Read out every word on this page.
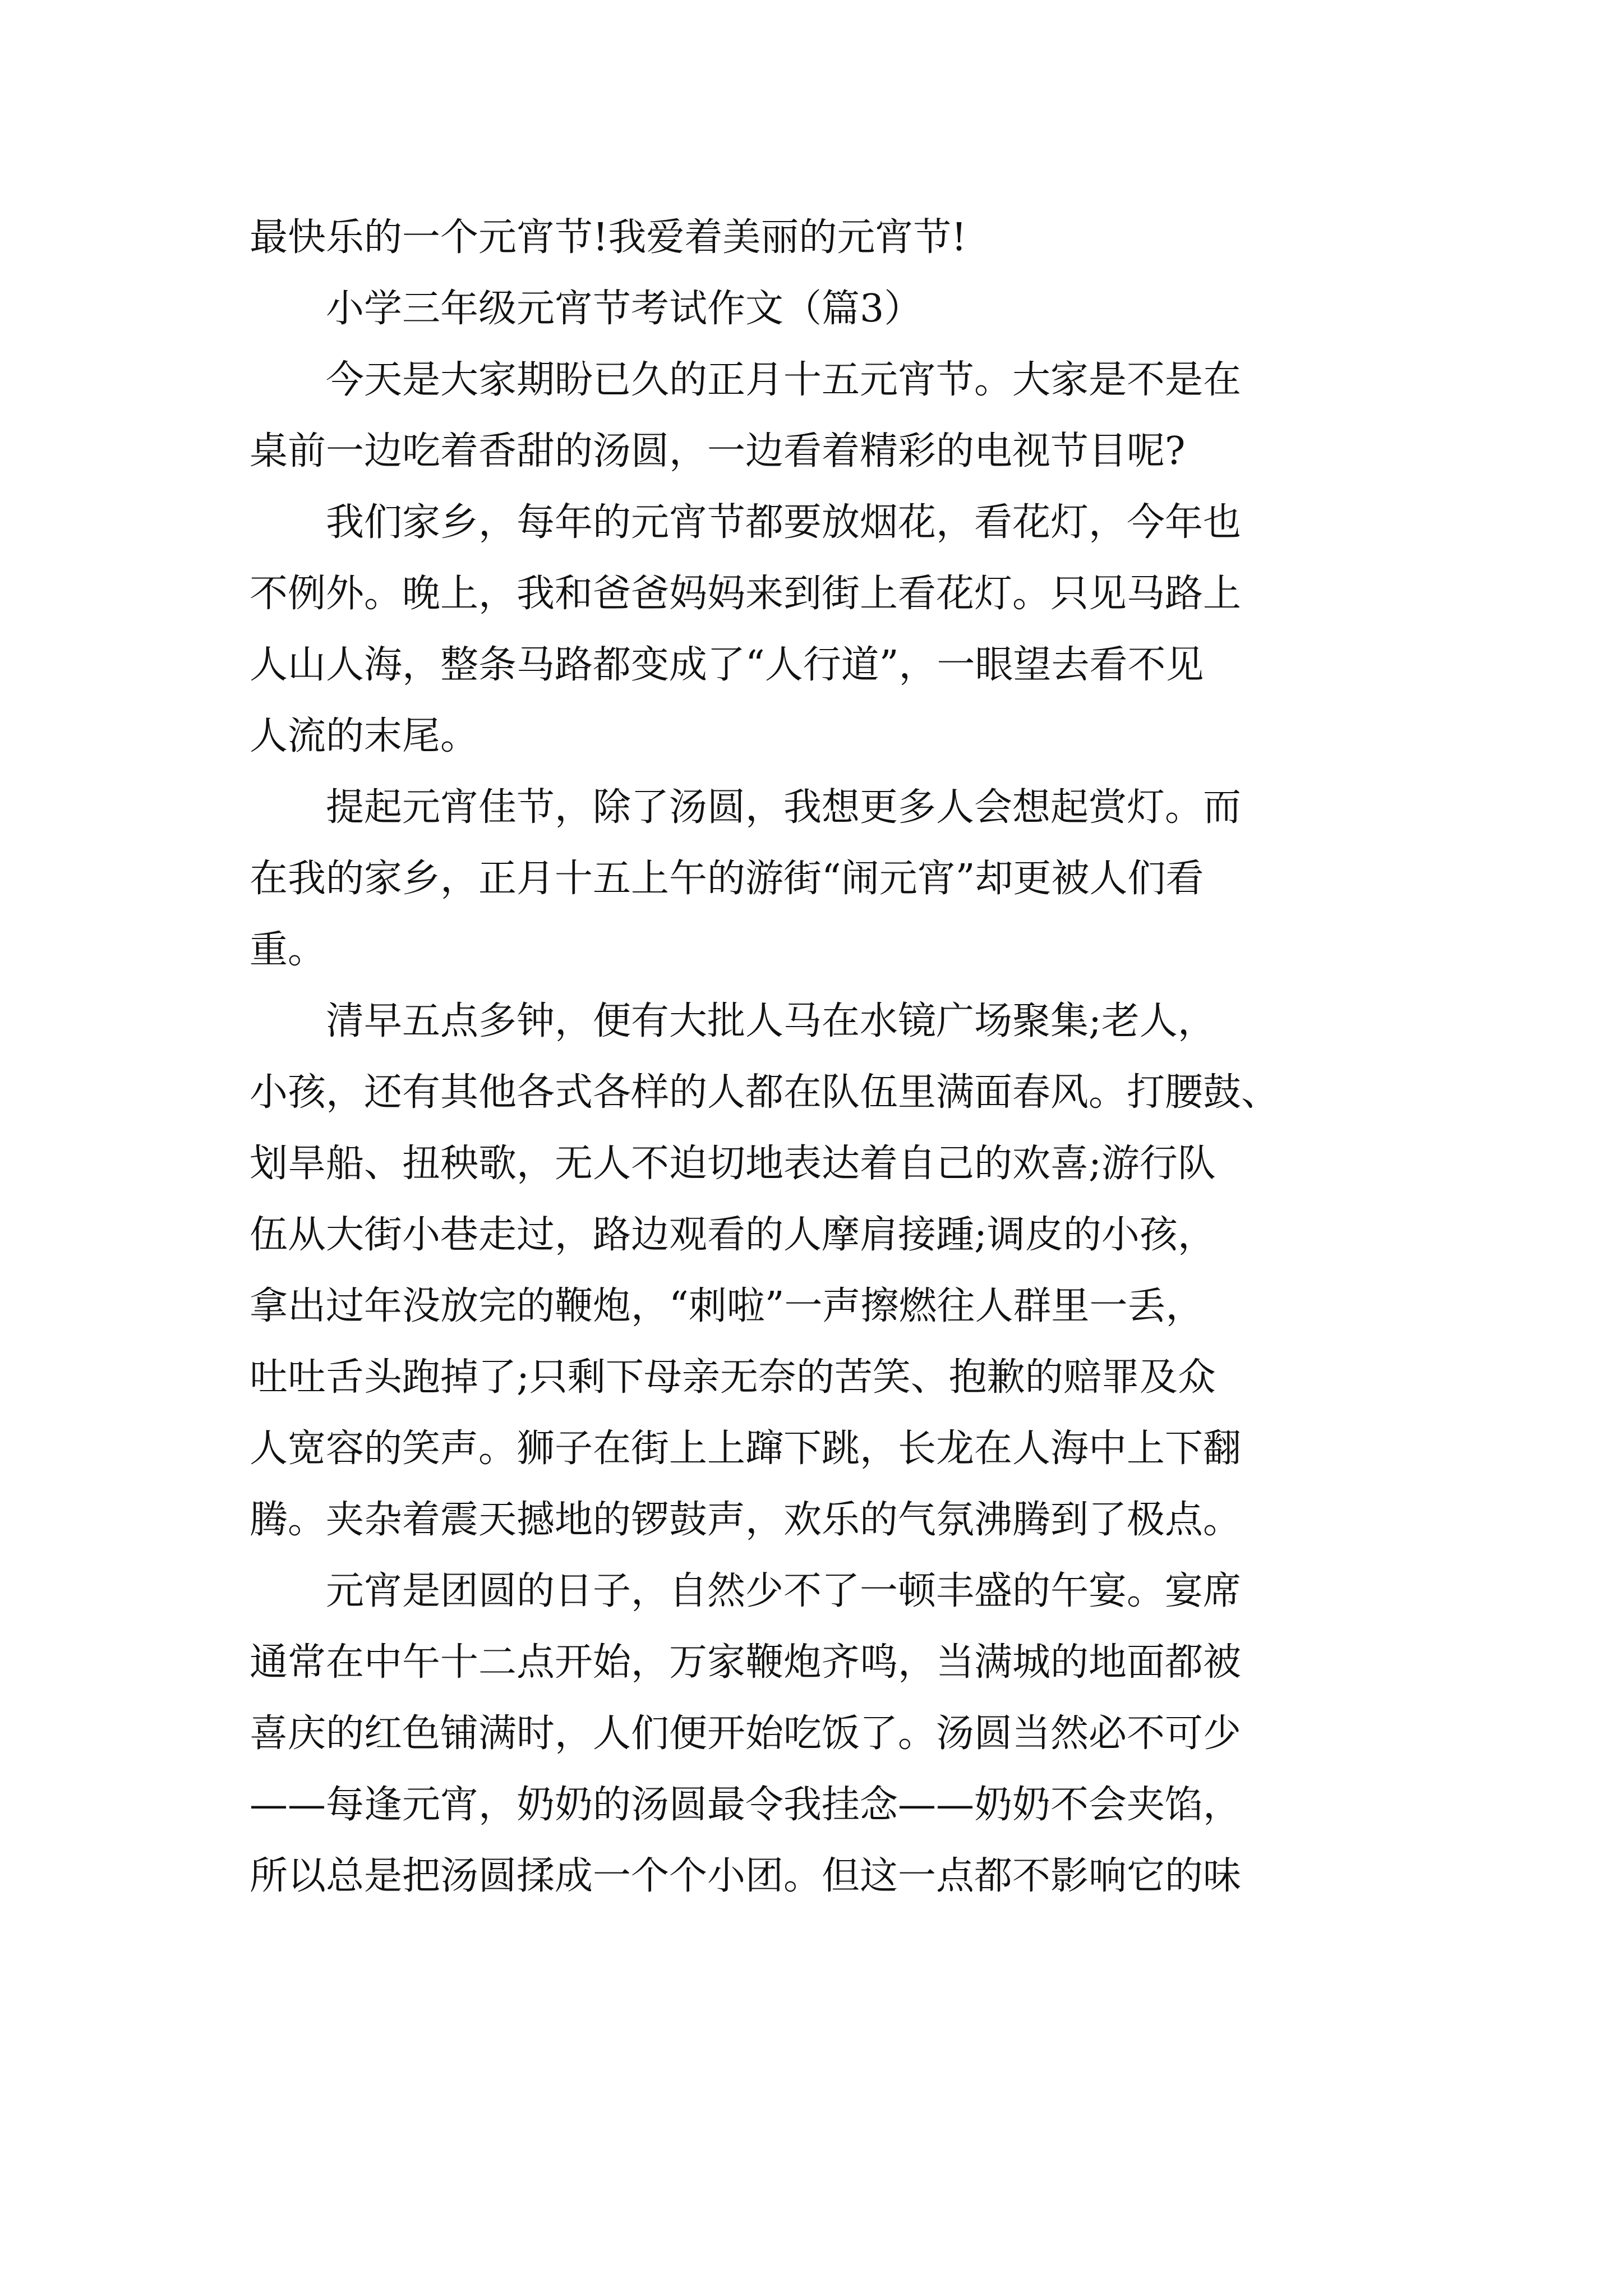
最快乐的一个元宵节!我爱着美丽的元宵节!
小学三年级元宵节考试作文（篇3）
今天是大家期盼已久的正月十五元宵节。大家是不是在
桌前一边吃着香甜的汤圆，一边看着精彩的电视节目呢?
我们家乡，每年的元宵节都要放烟花，看花灯，今年也
不例外。晚上，我和爸爸妈妈来到街上看花灯。只见马路上
人山人海，整条马路都变成了“人行道”，一眼望去看不见
人流的末尾。
提起元宵佳节，除了汤圆，我想更多人会想起赏灯。而
在我的家乡，正月十五上午的游街“闹元宵”却更被人们看
重。
清早五点多钟，便有大批人马在水镜广场聚集;老人，
小孩，还有其他各式各样的人都在队伍里满面春风。打腰鼓、
划旱船、扭秧歌，无人不迫切地表达着自己的欢喜;游行队
伍从大街小巷走过，路边观看的人摩肩接踵;调皮的小孩，
拿出过年没放完的鞭炮，“刺啦”一声擦燃往人群里一丢，
吐吐舌头跑掉了;只剩下母亲无奈的苦笑、抱歉的赔罪及众
人宽容的笑声。狮子在街上上蹿下跳，长龙在人海中上下翻
腾。夹杂着震天撼地的锣鼓声，欢乐的气氛沸腾到了极点。
元宵是团圆的日子，自然少不了一顿丰盛的午宴。宴席
通常在中午十二点开始，万家鞭炮齐鸣，当满城的地面都被
喜庆的红色铺满时，人们便开始吃饭了。汤圆当然必不可少
——每逢元宵，奶奶的汤圆最令我挂念——奶奶不会夹馅，
所以总是把汤圆揉成一个个小团。但这一点都不影响它的味
